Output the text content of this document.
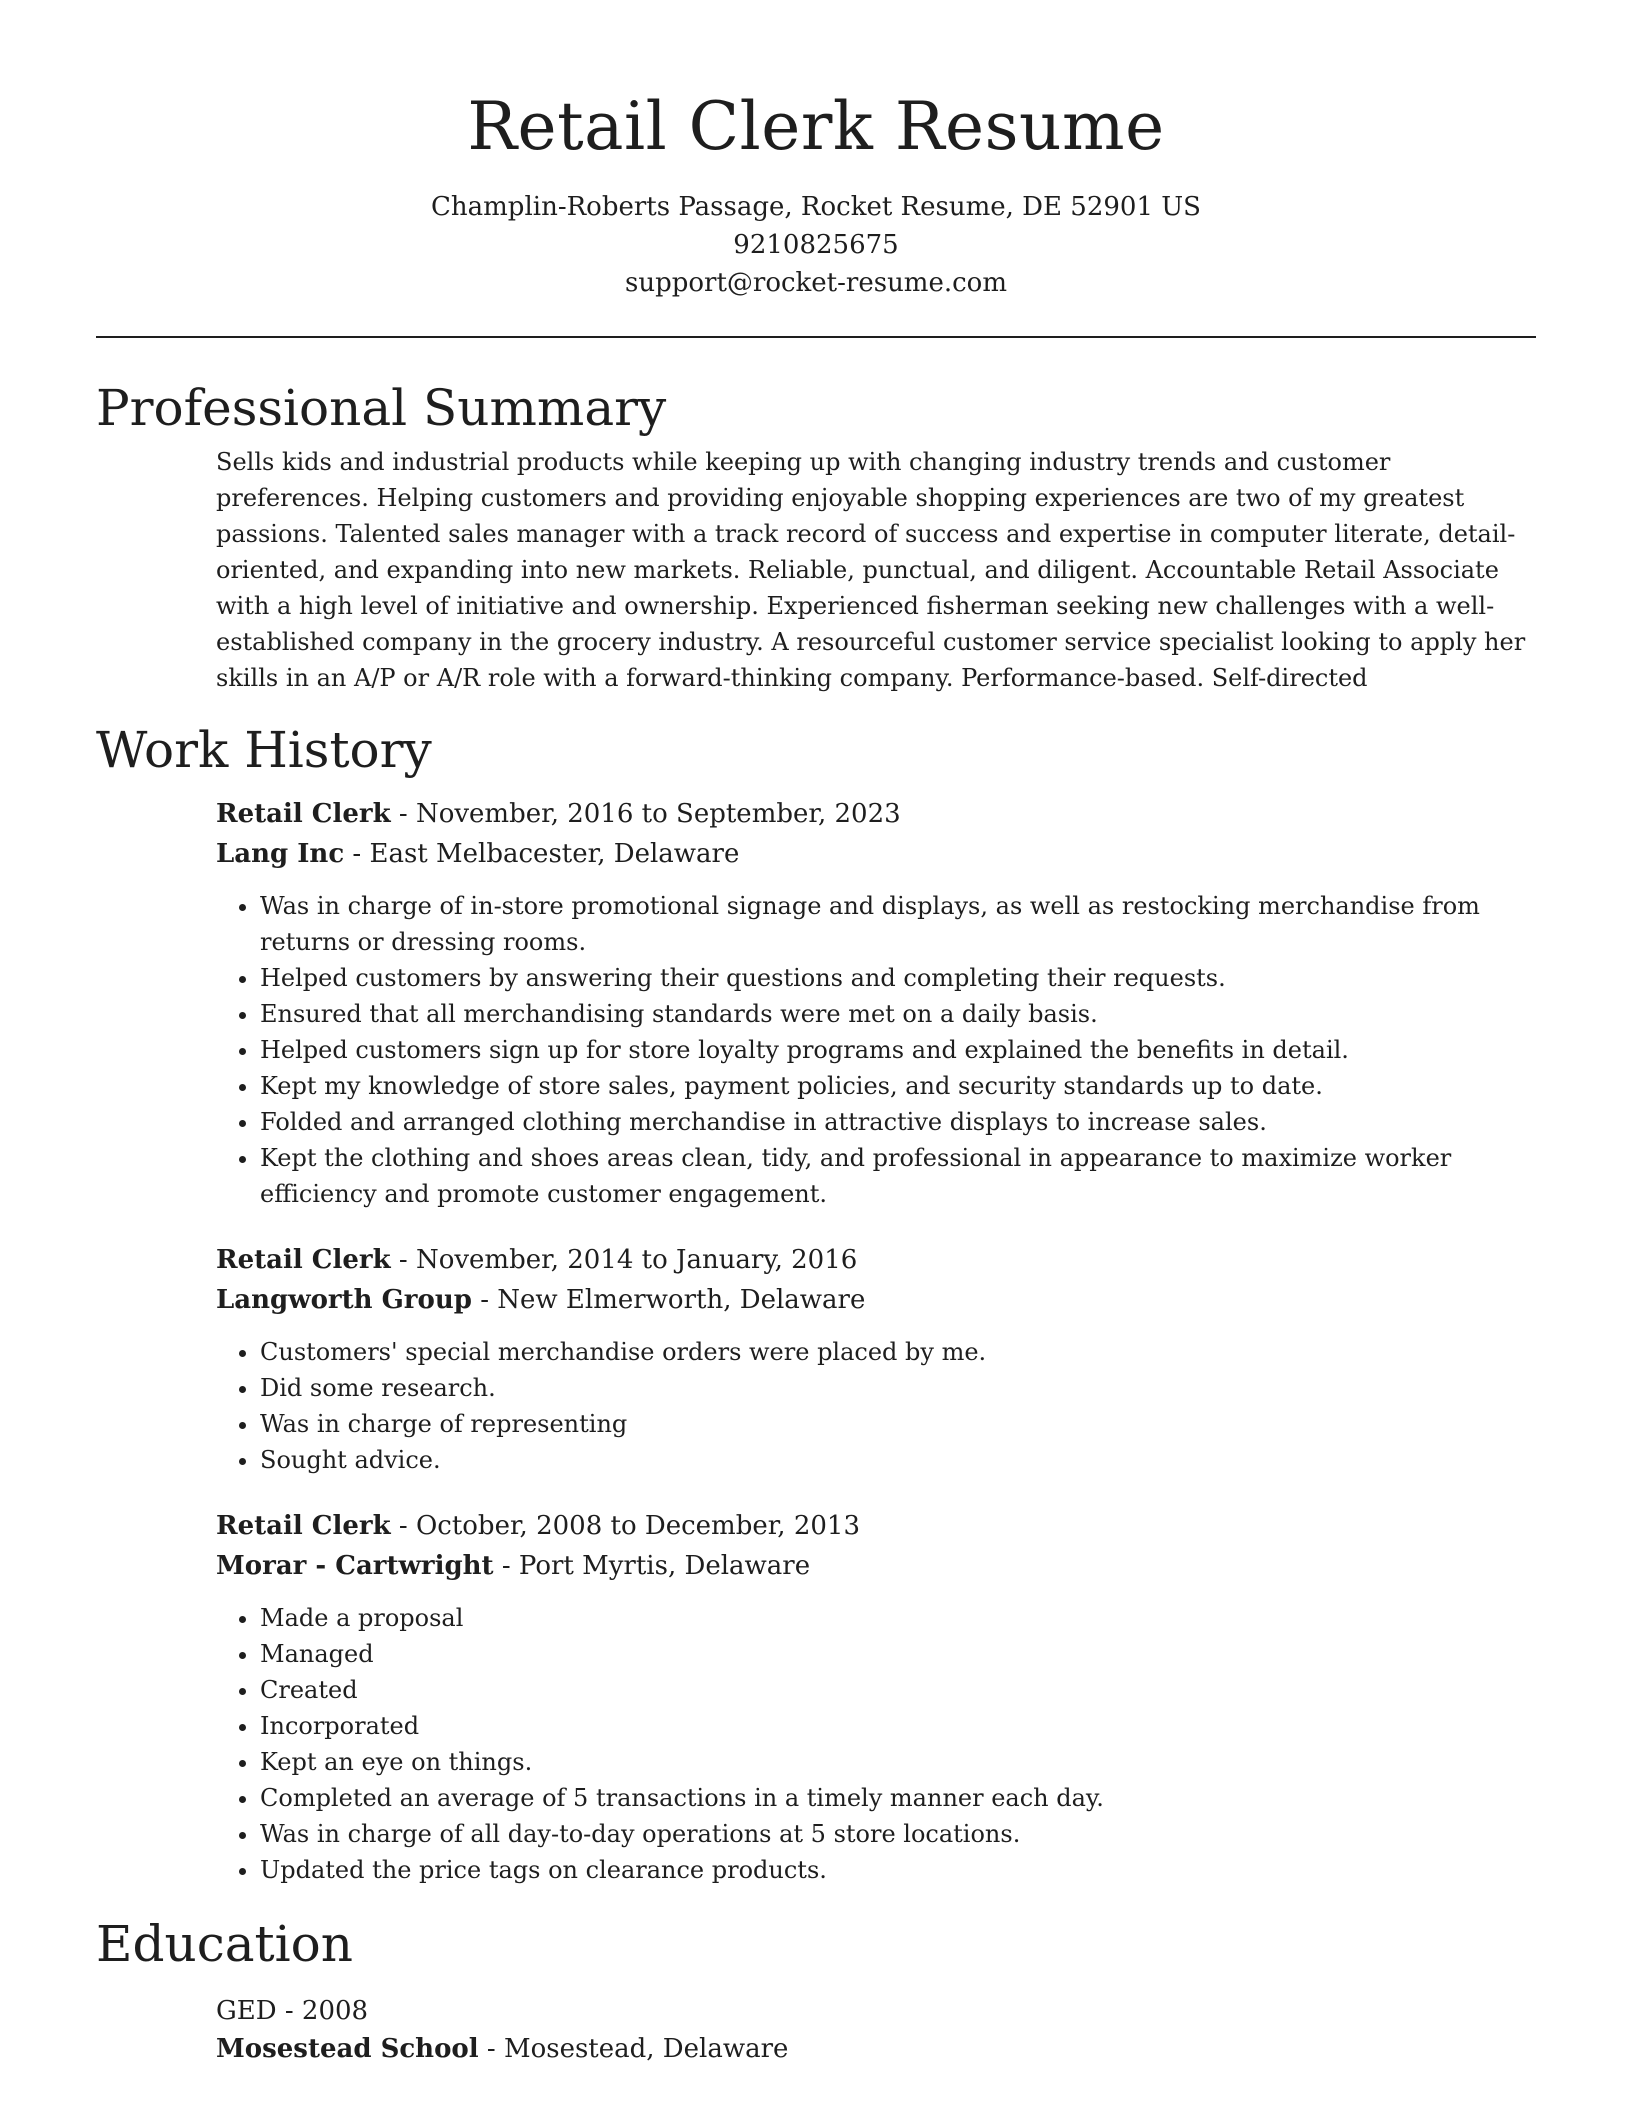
Retail Clerk Resume

Champlin-Roberts Passage, Rocket Resume, DE 52901 US

9210825675

support@rocket-resume.com

Professional Summary

Sells kids and industrial products while keeping up with changing industry trends and customer preferences. Helping customers and providing enjoyable shopping experiences are two of my greatest passions. Talented sales manager with a track record of success and expertise in computer literate, detail-oriented, and expanding into new markets. Reliable, punctual, and diligent. Accountable Retail Associate with a high level of initiative and ownership. Experienced fisherman seeking new challenges with a well-established company in the grocery industry. A resourceful customer service specialist looking to apply her skills in an A/P or A/R role with a forward-thinking company. Performance-based. Self-directed

Work History

Retail Clerk - November, 2016 to September, 2023

Lang Inc - East Melbacester, Delaware

• Was in charge of in-store promotional signage and displays, as well as restocking merchandise from returns or dressing rooms.
• Helped customers by answering their questions and completing their requests.
• Ensured that all merchandising standards were met on a daily basis.
• Helped customers sign up for store loyalty programs and explained the benefits in detail.
• Kept my knowledge of store sales, payment policies, and security standards up to date.
• Folded and arranged clothing merchandise in attractive displays to increase sales.
• Kept the clothing and shoes areas clean, tidy, and professional in appearance to maximize worker efficiency and promote customer engagement.

Retail Clerk - November, 2014 to January, 2016

Langworth Group - New Elmerworth, Delaware

• Customers' special merchandise orders were placed by me.
• Did some research.
• Was in charge of representing
• Sought advice.

Retail Clerk - October, 2008 to December, 2013

Morar - Cartwright - Port Myrtis, Delaware

• Made a proposal
• Managed
• Created
• Incorporated
• Kept an eye on things.
• Completed an average of 5 transactions in a timely manner each day.
• Was in charge of all day-to-day operations at 5 store locations.
• Updated the price tags on clearance products.
Education

GED - 2008

Mosestead School - Mosestead, Delaware
